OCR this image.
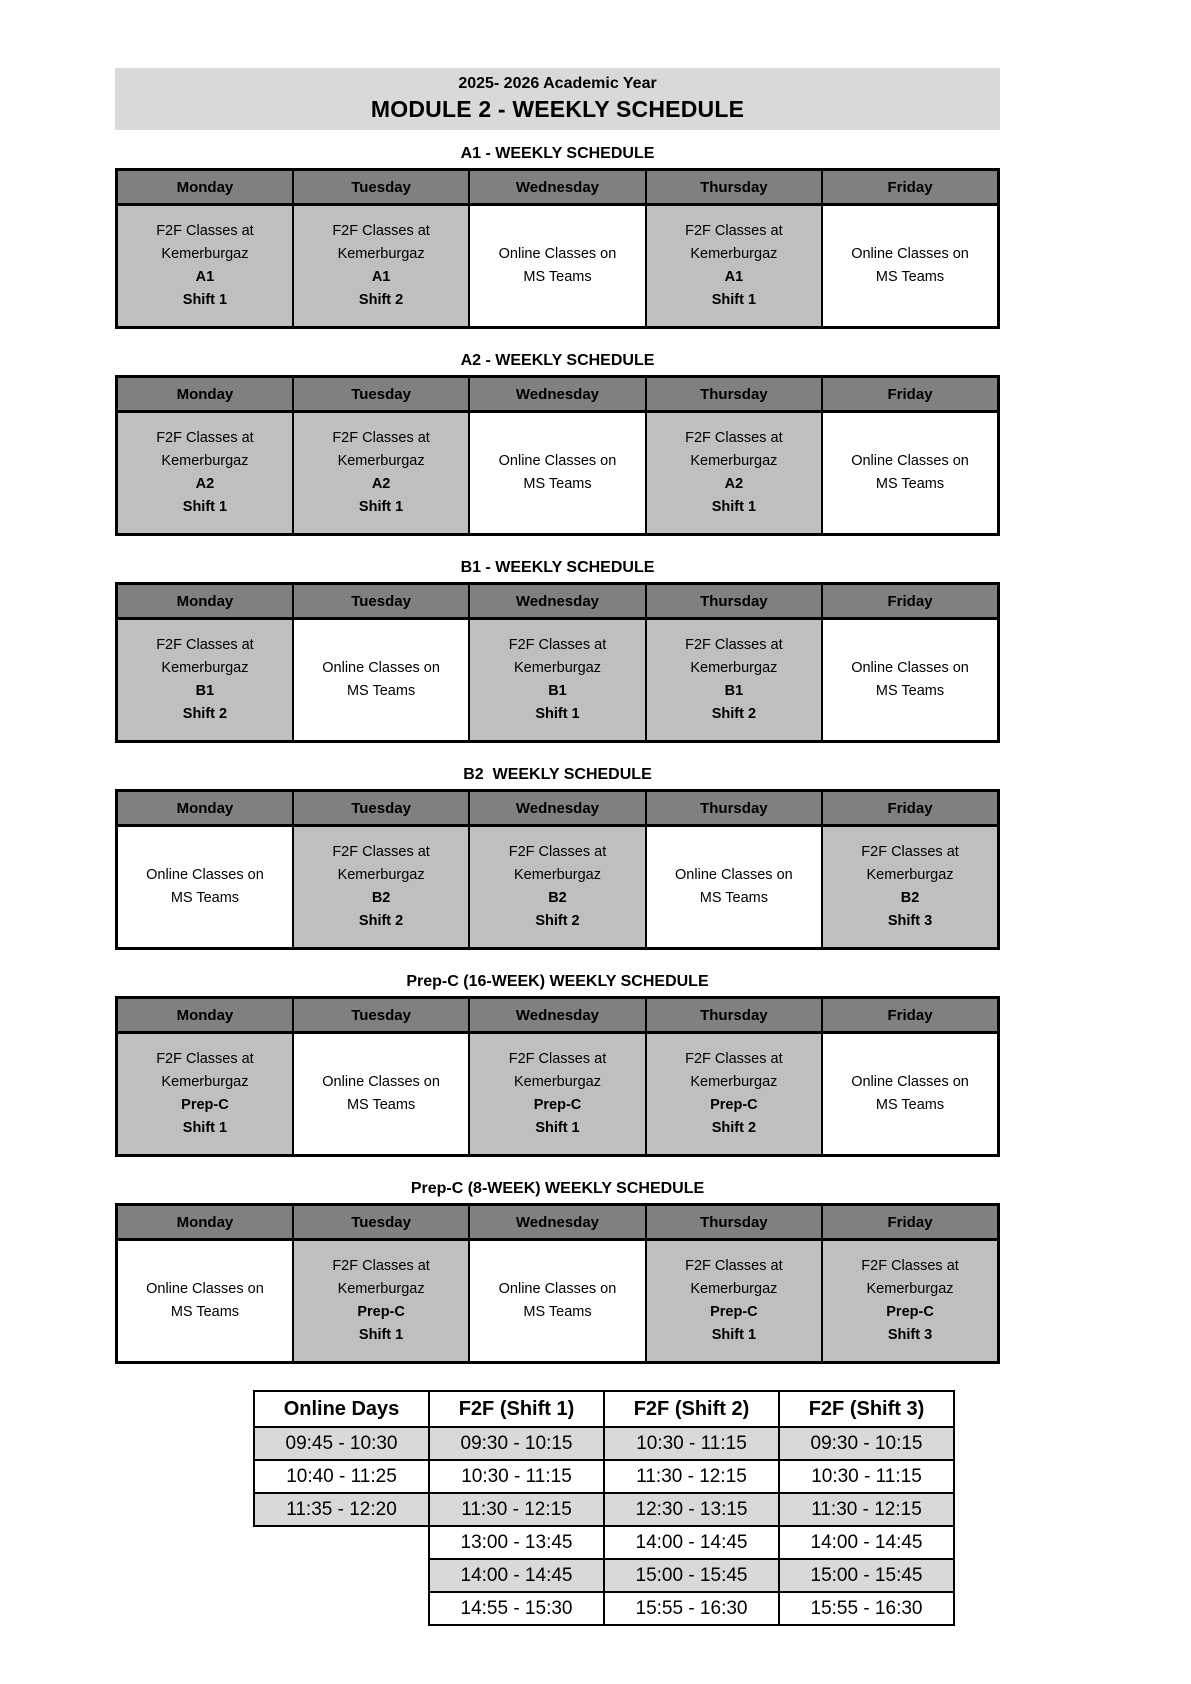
2025- 2026 Academic Year
MODULE 2 - WEEKLY SCHEDULE
A1 - WEEKLY SCHEDULE
Monday	Tuesday	Wednesday	Thursday	Friday

F2F Classes at
Kemerburgaz
A1
Shift 1

F2F Classes at
Kemerburgaz
A1
Shift 2

Online Classes on
MS Teams

F2F Classes at
Kemerburgaz
A1
Shift 1

Online Classes on
MS Teams
A2 - WEEKLY SCHEDULE
Monday	Tuesday	Wednesday	Thursday	Friday

F2F Classes at
Kemerburgaz
A2
Shift 1

F2F Classes at
Kemerburgaz
A2
Shift 1

Online Classes on
MS Teams

F2F Classes at
Kemerburgaz
A2
Shift 1

Online Classes on
MS Teams
B1 - WEEKLY SCHEDULE
Monday	Tuesday	Wednesday	Thursday	Friday

F2F Classes at
Kemerburgaz
B1
Shift 2

Online Classes on
MS Teams

F2F Classes at
Kemerburgaz
B1
Shift 1

F2F Classes at
Kemerburgaz
B1
Shift 2

Online Classes on
MS Teams
B2  WEEKLY SCHEDULE
Monday	Tuesday	Wednesday	Thursday	Friday

Online Classes on
MS Teams

F2F Classes at
Kemerburgaz
B2
Shift 2

F2F Classes at
Kemerburgaz
B2
Shift 2

Online Classes on
MS Teams

F2F Classes at
Kemerburgaz
B2
Shift 3
Prep-C (16-WEEK) WEEKLY SCHEDULE
Monday	Tuesday	Wednesday	Thursday	Friday

F2F Classes at
Kemerburgaz
Prep-C
Shift 1

Online Classes on
MS Teams

F2F Classes at
Kemerburgaz
Prep-C
Shift 1

F2F Classes at
Kemerburgaz
Prep-C
Shift 2

Online Classes on
MS Teams
Prep-C (8-WEEK) WEEKLY SCHEDULE
Monday	Tuesday	Wednesday	Thursday	Friday

Online Classes on
MS Teams

F2F Classes at
Kemerburgaz
Prep-C
Shift 1

Online Classes on
MS Teams

F2F Classes at
Kemerburgaz
Prep-C
Shift 1

F2F Classes at
Kemerburgaz
Prep-C
Shift 3
Online Days	F2F (Shift 1)	F2F (Shift 2)	F2F (Shift 3)
09:45 - 10:30	09:30 - 10:15	10:30 - 11:15	09:30 - 10:15
10:40 - 11:25	10:30 - 11:15	11:30 - 12:15	10:30 - 11:15
11:35 - 12:20	11:30 - 12:15	12:30 - 13:15	11:30 - 12:15
	13:00 - 13:45	14:00 - 14:45	14:00 - 14:45
	14:00 - 14:45	15:00 - 15:45	15:00 - 15:45
	14:55 - 15:30	15:55 - 16:30	15:55 - 16:30
